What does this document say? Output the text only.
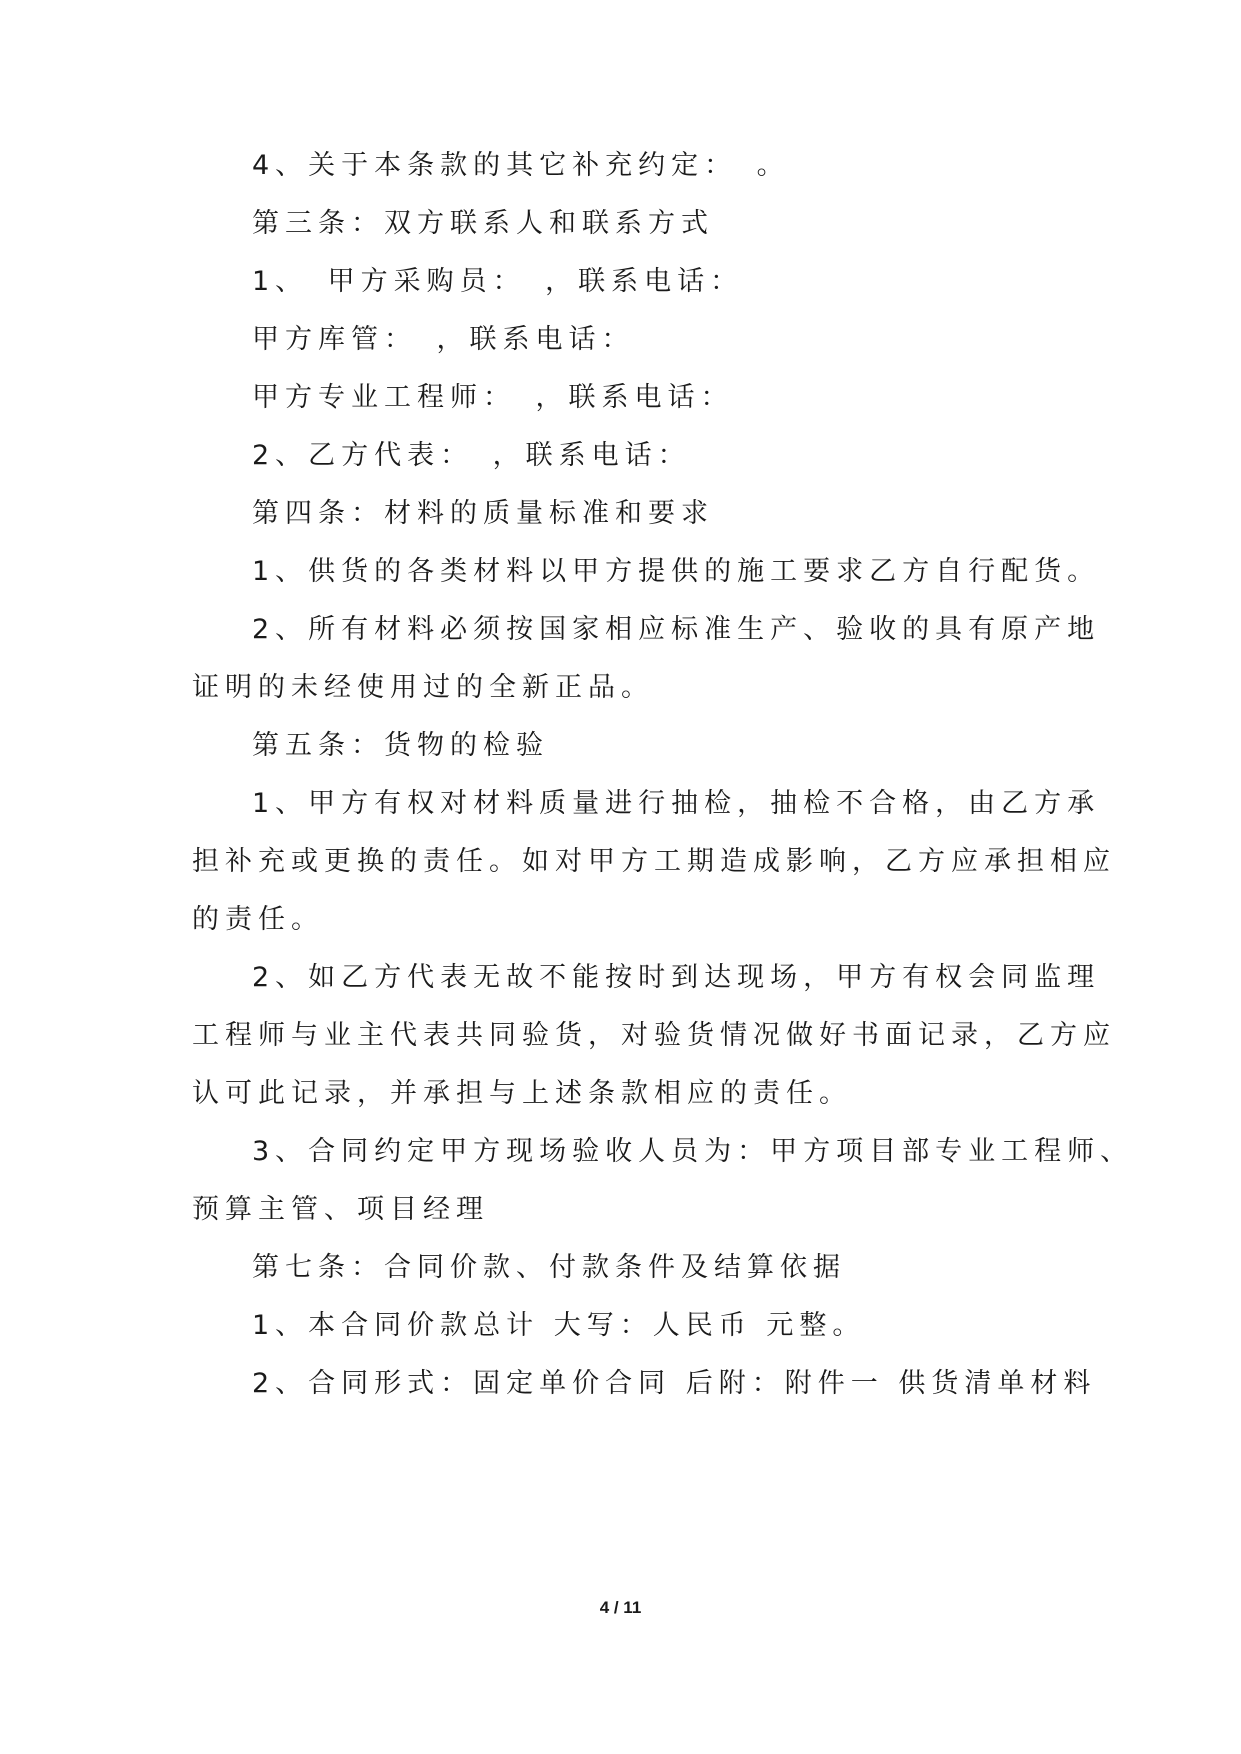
4、关于本条款的其它补充约定：　。
第三条：双方联系人和联系方式
1、　甲方采购员：　，联系电话：
甲方库管：　，联系电话：
甲方专业工程师：　，联系电话：
2、乙方代表：　，联系电话：
第四条：材料的质量标准和要求
1、供货的各类材料以甲方提供的施工要求乙方自行配货。
2、所有材料必须按国家相应标准生产、验收的具有原产地
证明的未经使用过的全新正品。
第五条：货物的检验
1、甲方有权对材料质量进行抽检，抽检不合格，由乙方承
担补充或更换的责任。如对甲方工期造成影响，乙方应承担相应
的责任。
2、如乙方代表无故不能按时到达现场，甲方有权会同监理
工程师与业主代表共同验货，对验货情况做好书面记录，乙方应
认可此记录，并承担与上述条款相应的责任。
3、合同约定甲方现场验收人员为：甲方项目部专业工程师、
预算主管、项目经理
第七条：合同价款、付款条件及结算依据
1、本合同价款总计 大写：人民币 元整。
2、合同形式：固定单价合同 后附：附件一 供货清单材料
4 / 11
